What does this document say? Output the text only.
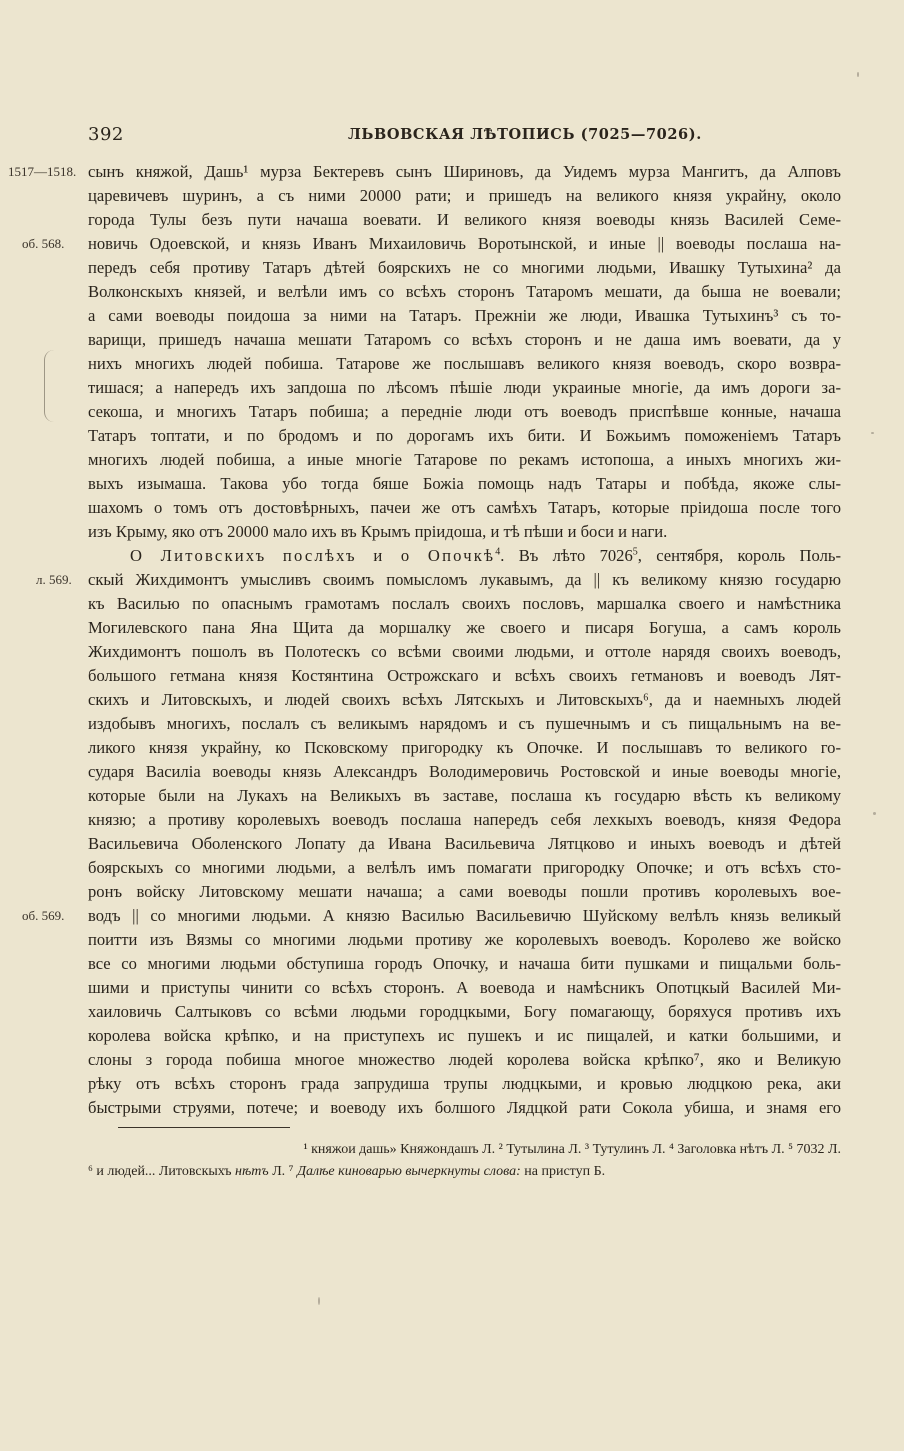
392	ЛЬВОВСКАЯ ЛѢТОПИСЬ (7025—7026).
1517—1518.
об. 568.
л. 569.
об. 569.
сынъ княжой, Дашь¹ мурза Бектеревъ сынъ Шириновъ, да Уидемъ мурза Мангитъ, да Алповъ
царевичевъ шуринъ, а съ ними 20000 рати; и пришедъ на великого князя украйну, около
города Тулы безъ пути начаша воевати. И великого князя воеводы князь Василей Семе-
новичь Одоевской, и князь Иванъ Михаиловичь Воротынской, и иные || воеводы послаша на-
передъ себя противу Татаръ дѣтей боярскихъ не со многими людьми, Ивашку Тутыхина² да
Волконскыхъ князей, и велѣли имъ со всѣхъ сторонъ Татаромъ мешати, да быша не воевали;
а сами воеводы поидоша за ними на Татаръ. Прежніи же люди, Ивашка Тутыхинъ³ съ то-
варищи, пришедъ начаша мешати Татаромъ со всѣхъ сторонъ и не даша имъ воевати, да у
нихъ многихъ людей побиша. Татарове же послышавъ великого князя воеводъ, скоро возвра-
тишася; а напередъ ихъ запдоша по лѣсомъ пѣшіе люди украиные многіе, да имъ дороги за-
секоша, и многихъ Татаръ побиша; а передніе люди отъ воеводъ приспѣвше конные, начаша
Татаръ топтати, и по бродомъ и по дорогамъ ихъ бити. И Божьимъ поможеніемъ Татаръ
многихъ людей побиша, а иные многіе Татарове по рекамъ истопоша, а иныхъ многихъ жи-
выхъ изымаша. Такова убо тогда бяше Божіа помощь надъ Татары и побѣда, якоже слы-
шахомъ о томъ отъ достовѣрныхъ, пачеи же отъ самѣхъ Татаръ, которые пріидоша после того
изъ Крыму, яко отъ 20000 мало ихъ въ Крымъ пріидоша, и тѣ пѣши и боси и наги.
О Литовскихъ послѣхъ и о Опочкѣ$^4$. Въ лѣто 7026$^5$, сентября, король Поль-
скый Жихдимонтъ умысливъ своимъ помысломъ лукавымъ, да || къ великому князю государю
къ Василью по опаснымъ грамотамъ послалъ своихъ пословъ, маршалка своего и намѣстника
Могилевского пана Яна Щита да моршалку же своего и писаря Богуша, а самъ король
Жихдимонтъ пошолъ въ Полотескъ со всѣми своими людьми, и оттоле нарядя своихъ воеводъ,
большого гетмана князя Костянтина Острожскаго и всѣхъ своихъ гетмановъ и воеводъ Лят-
скихъ и Литовскыхъ, и людей своихъ всѣхъ Лятскыхъ и Литовскыхъ⁶, да и наемныхъ людей
издобывъ многихъ, послалъ съ великымъ нарядомъ и съ пушечнымъ и съ пищальнымъ на ве-
ликого князя украйну, ко Псковскому пригородку къ Опочке. И послышавъ то великого го-
сударя Василіа воеводы князь Александръ Володимеровичь Ростовской и иные воеводы многіе,
которые были на Лукахъ на Великыхъ въ заставе, послаша къ государю вѣсть къ великому
князю; а противу королевыхъ воеводъ послаша напередъ себя лехкыхъ воеводъ, князя Федора
Васильевича Оболенского Лопату да Ивана Васильевича Лятцково и иныхъ воеводъ и дѣтей
боярскыхъ со многими людьми, а велѣлъ имъ помагати пригородку Опочке; и отъ всѣхъ сто-
ронъ войску Литовскому мешати начаша; а сами воеводы пошли противъ королевыхъ вое-
водъ || со многими людьми. А князю Василью Васильевичю Шуйскому велѣлъ князь великый
поитти изъ Вязмы со многими людьми противу же королевыхъ воеводъ. Королево же войско
все со многими людьми обступиша городъ Опочку, и начаша бити пушками и пищальми боль-
шими и приступы чинити со всѣхъ сторонъ. А воевода и намѣсникъ Опотцкый Василей Ми-
хаиловичь Салтыковъ со всѣми людьми городцкыми, Богу помагающу, боряхуся противъ ихъ
королева войска крѣпко, и на приступехъ ис пушекъ и ис пищалей, и катки большими, и
слоны з города побиша многое множество людей королева войска крѣпко⁷, яко и Великую
рѣку отъ всѣхъ сторонъ града запрудиша трупы людцкыми, и кровью людцкою река, аки
быстрыми струями, потече; и воеводу ихъ болшого Лядцкой рати Сокола убиша, и знамя его
¹ княжои дашь» Княжондашъ Л. ² Тутылина Л. ³ Тутулинъ Л. ⁴ Заголовка нѣтъ Л. ⁵ 7032 Л.
⁶ и людей... Литовскыхъ нѣтъ Л. ⁷ Далѣе киноварью вычеркнуты слова: на приступ Б.
